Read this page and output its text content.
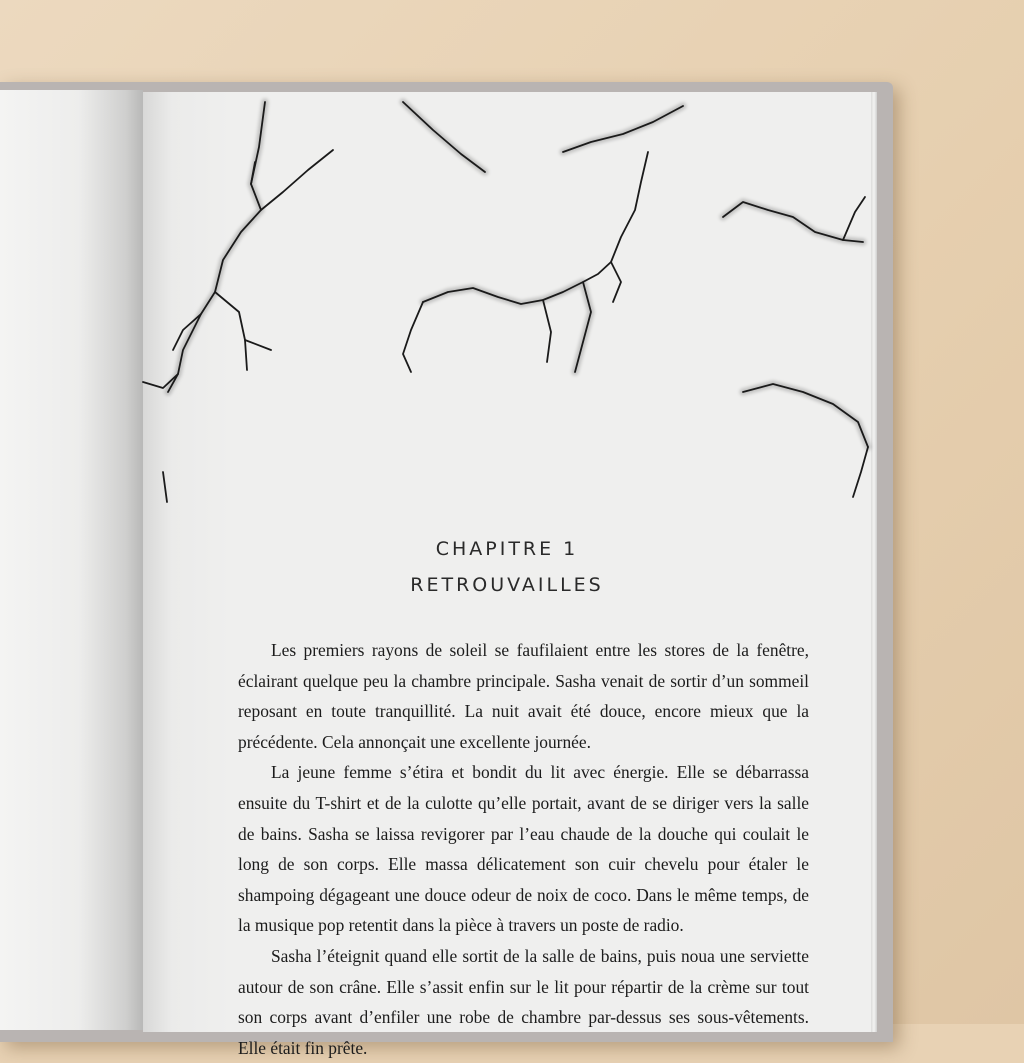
CHAPITRE 1
RETROUVAILLES

Les premiers rayons de soleil se faufilaient entre les stores de la fenêtre, éclairant quelque peu la chambre principale. Sasha venait de sortir d’un sommeil reposant en toute tranquillité. La nuit avait été douce, encore mieux que la précédente. Cela annonçait une excellente journée.

La jeune femme s’étira et bondit du lit avec énergie. Elle se débarrassa ensuite du T-shirt et de la culotte qu’elle portait, avant de se diriger vers la salle de bains. Sasha se laissa revigorer par l’eau chaude de la douche qui coulait le long de son corps. Elle massa délicatement son cuir chevelu pour étaler le shampoing dégageant une douce odeur de noix de coco. Dans le même temps, de la musique pop retentit dans la pièce à travers un poste de radio.

Sasha l’éteignit quand elle sortit de la salle de bains, puis noua une serviette autour de son crâne. Elle s’assit enfin sur le lit pour répartir de la crème sur tout son corps avant d’enfiler une robe de chambre par-dessus ses sous-vêtements. Elle était fin prête.
